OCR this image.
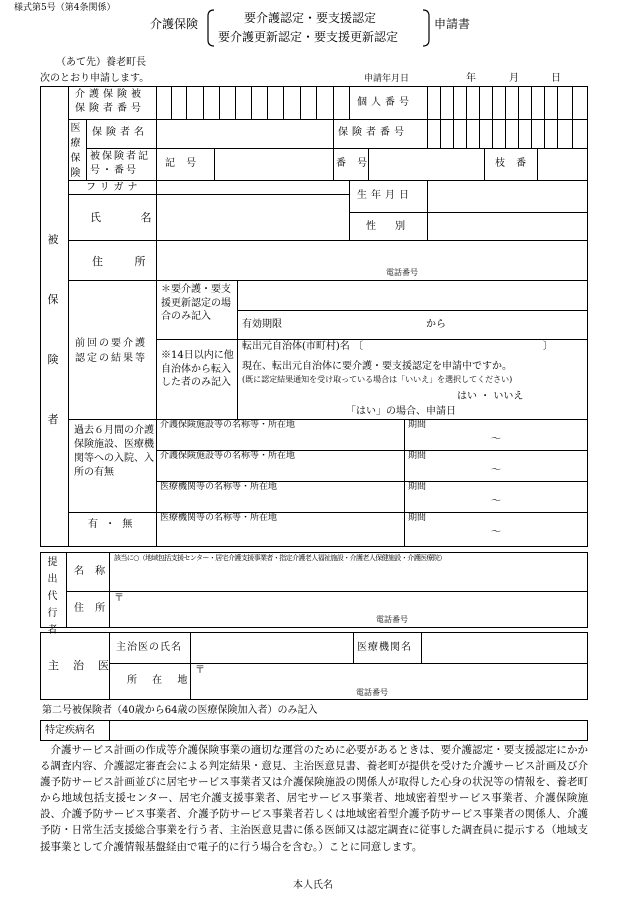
様式第5号（第4条関係）
介護保険	要介護認定・要支援認定
要介護更新認定・要支援更新認定
申請書
（あて先）養老町長
次のとおり申請します。	申請年月日	年	月	日
被保険者
介護保険被保険者番号
個人番号
医療保険
保険者名	保険者番号
被保険者記号・番号
記 号	番 号	枝 番
フリガナ
氏 名
生年月日
性 別
住 所
電話番号
前回の要介護認定の結果等
＊要介護・要支援更新認定の場合のみ記入
有効期限	から
※14日以内に他自治体から転入した者のみ記入
転出元自治体(市町村)名 〔	〕
現在、転出元自治体に要介護・要支援認定を申請中ですか。
(既に認定結果通知を受け取っている場合は「いいえ」を選択してください)
はい ・ いいえ
「はい」の場合、申請日
過去６月間の介護保険施設、医療機関等への入院、入所の有無
有 ・ 無
介護保険施設等の名称等・所在地	期間
～
介護保険施設等の名称等・所在地	期間
～
医療機関等の名称等・所在地	期間
～
医療機関等の名称等・所在地	期間
～
提出代行者
名 称
該当に○（地域包括支援センター・居宅介護支援事業者・指定介護老人福祉施設・介護老人保健施設・介護医療院）
住 所
〒
電話番号
主治医
主治医の氏名	医療機関名
所 在 地
〒
電話番号
第二号被保険者（40歳から64歳の医療保険加入者）のみ記入
特定疾病名
介護サービス計画の作成等介護保険事業の適切な運営のために必要があるときは、要介護認定・要支援認定にかかる調査内容、介護認定審査会による判定結果・意見、主治医意見書、養老町が提供を受けた介護サービス計画及び介護予防サービス計画並びに居宅サービス事業者又は介護保険施設の関係人が取得した心身の状況等の情報を、養老町から地域包括支援センター、居宅介護支援事業者、居宅サービス事業者、地域密着型サービス事業者、介護保険施設、介護予防サービス事業者、介護予防サービス事業者若しくは地域密着型介護予防サービス事業者の関係人、介護予防・日常生活支援総合事業を行う者、主治医意見書に係る医師又は認定調査に従事した調査員に提示する（地域支援事業として介護情報基盤経由で電子的に行う場合を含む。）ことに同意します。
本人氏名
